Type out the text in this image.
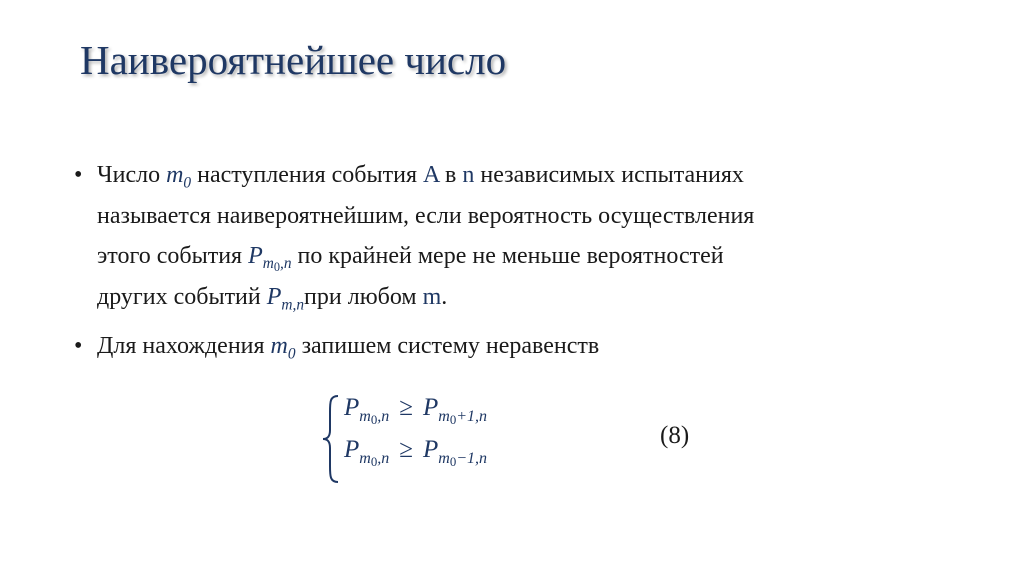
Наивероятнейшее число
• Число $m_0$ наступления события A в n независимых испытаниях
называется наивероятнейшим, если вероятность осуществления
этого события $P_{m_0,n}$ по крайней мере не меньше вероятностей
других событий $P_{m,n}при$ любом m.
• Для нахождения $m_0$ запишем систему неравенств
$P_{m_0,n} \ge P_{m_0+1,n}$
$P_{m_0,n} \ge P_{m_0-1,n}$
(8)
